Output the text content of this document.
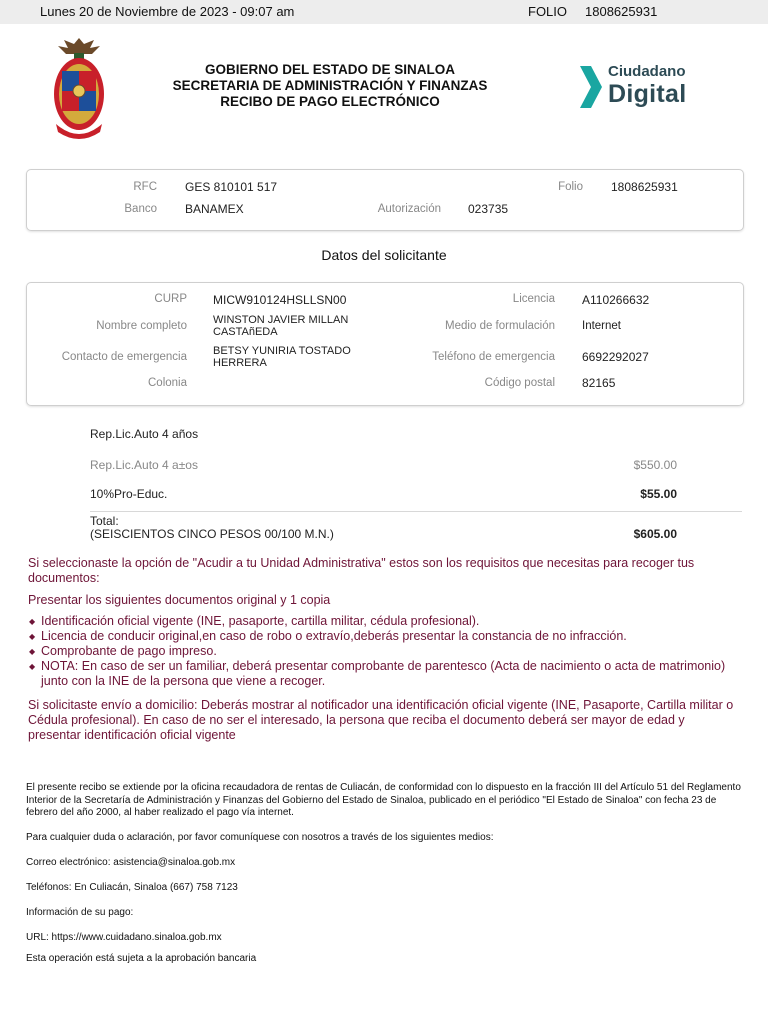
Lunes 20 de Noviembre de 2023 - 09:07 am	FOLIO 1808625931
GOBIERNO DEL ESTADO DE SINALOA
SECRETARIA DE ADMINISTRACIÓN Y FINANZAS
RECIBO DE PAGO ELECTRÓNICO
Ciudadano
Digital
RFC GES 810101 517	Folio 1808625931
Banco BANAMEX	Autorización 023735
Datos del solicitante
CURP MICW910124HSLLSN00	Licencia A110266632
Nombre completo WINSTON JAVIER MILLAN
CASTAñEDA	Medio de formulación Internet
Contacto de emergencia BETSY YUNIRIA TOSTADO
HERRERA	Teléfono de emergencia 6692292027
Colonia	Código postal 82165
Rep.Lic.Auto 4 años
Rep.Lic.Auto 4 a±os	$550.00
10%Pro-Educ.	$55.00
Total:
(SEISCIENTOS CINCO PESOS 00/100 M.N.)	$605.00
Si seleccionaste la opción de "Acudir a tu Unidad Administrativa" estos son los requisitos que necesitas para recoger tus documentos:
Presentar los siguientes documentos original y 1 copia
◆ Identificación oficial vigente (INE, pasaporte, cartilla militar, cédula profesional).
◆ Licencia de conducir original,en caso de robo o extravío,deberás presentar la constancia de no infracción.
◆ Comprobante de pago impreso.
◆ NOTA: En caso de ser un familiar, deberá presentar comprobante de parentesco (Acta de nacimiento o acta de matrimonio) junto con la INE de la persona que viene a recoger.
Si solicitaste envío a domicilio: Deberás mostrar al notificador una identificación oficial vigente (INE, Pasaporte, Cartilla militar o Cédula profesional). En caso de no ser el interesado, la persona que reciba el documento deberá ser mayor de edad y presentar identificación oficial vigente
El presente recibo se extiende por la oficina recaudadora de rentas de Culiacán, de conformidad con lo dispuesto en la fracción III del Artículo 51 del Reglamento Interior de la Secretaría de Administración y Finanzas del Gobierno del Estado de Sinaloa, publicado en el periódico "El Estado de Sinaloa" con fecha 23 de febrero del año 2000, al haber realizado el pago vía internet.
Para cualquier duda o aclaración, por favor comuníquese con nosotros a través de los siguientes medios:
Correo electrónico: asistencia@sinaloa.gob.mx
Teléfonos: En Culiacán, Sinaloa (667) 758 7123
Información de su pago:
URL: https://www.cuidadano.sinaloa.gob.mx
Esta operación está sujeta a la aprobación bancaria
